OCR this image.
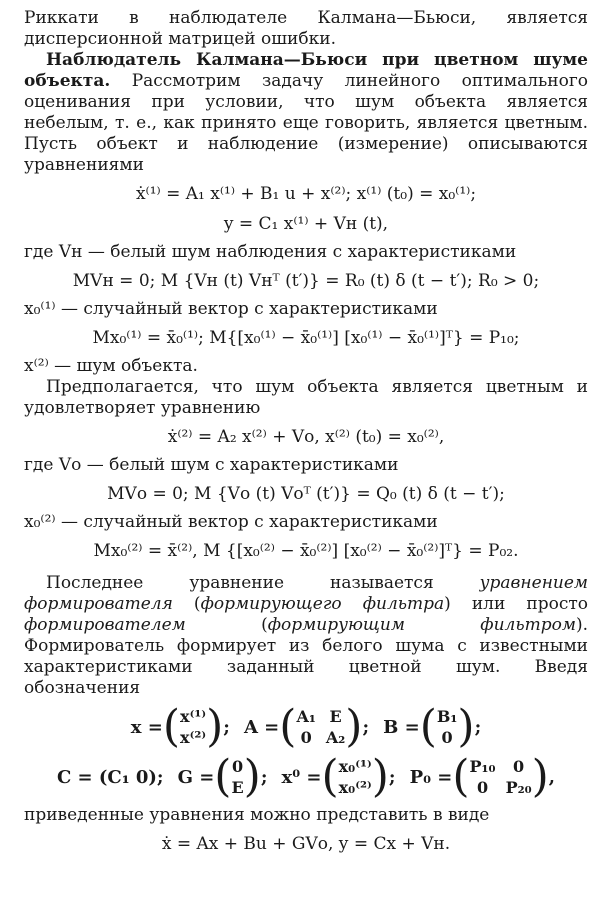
Риккати в наблюдателе Калмана—Бьюси, является дисперсионной матрицей ошибки.

Наблюдатель Калмана—Бьюси при цветном шуме объекта. Рассмотрим задачу линейного оптимального оценивания при условии, что шум объекта является небелым, т. е., как принято еще говорить, является цветным. Пусть объект и наблюдение (измерение) описываются уравнениями

ẋ⁽¹⁾ = A₁ x⁽¹⁾ + B₁ u + x⁽²⁾; x⁽¹⁾ (t₀) = x₀⁽¹⁾;
y = C₁ x⁽¹⁾ + Vн (t),

где Vн — белый шум наблюдения с характеристиками

MVн = 0; M {Vн (t) Vнᵀ (t′)} = R₀ (t) δ (t − t′); R₀ > 0;

x₀⁽¹⁾ — случайный вектор с характеристиками

Mx₀⁽¹⁾ = x̄₀⁽¹⁾; M{[x₀⁽¹⁾ − x̄₀⁽¹⁾] [x₀⁽¹⁾ − x̄₀⁽¹⁾]ᵀ} = P₁₀;

x⁽²⁾ — шум объекта.

Предполагается, что шум объекта является цветным и удовлетворяет уравнению

ẋ⁽²⁾ = A₂ x⁽²⁾ + Vо, x⁽²⁾ (t₀) = x₀⁽²⁾,

где Vо — белый шум с характеристиками

MVо = 0; M {Vо (t) Vоᵀ (t′)} = Q₀ (t) δ (t − t′);

x₀⁽²⁾ — случайный вектор с характеристиками

Mx₀⁽²⁾ = x̄⁽²⁾, M {[x₀⁽²⁾ − x̄₀⁽²⁾] [x₀⁽²⁾ − x̄₀⁽²⁾]ᵀ} = P₀₂.

Последнее уравнение называется уравнением формирователя (формирующего фильтра) или просто формирователем (формирующим фильтром). Формирователь формирует из белого шума с известными характеристиками заданный цветной шум. Введя обозначения

x = ( x⁽¹⁾
x⁽²⁾ ) ; A = ( A₁ E
0 A₂ ) ; B = ( B₁
0 ) ;
C = (C₁ 0); G = ( 0
E ) ; x⁰ = ( x₀⁽¹⁾
x₀⁽²⁾ ) ; P₀ = ( P₁₀	0
0	P₂₀ ) ,

приведенные уравнения можно представить в виде

ẋ = Ax + Bu + GVо, y = Cx + Vн.
